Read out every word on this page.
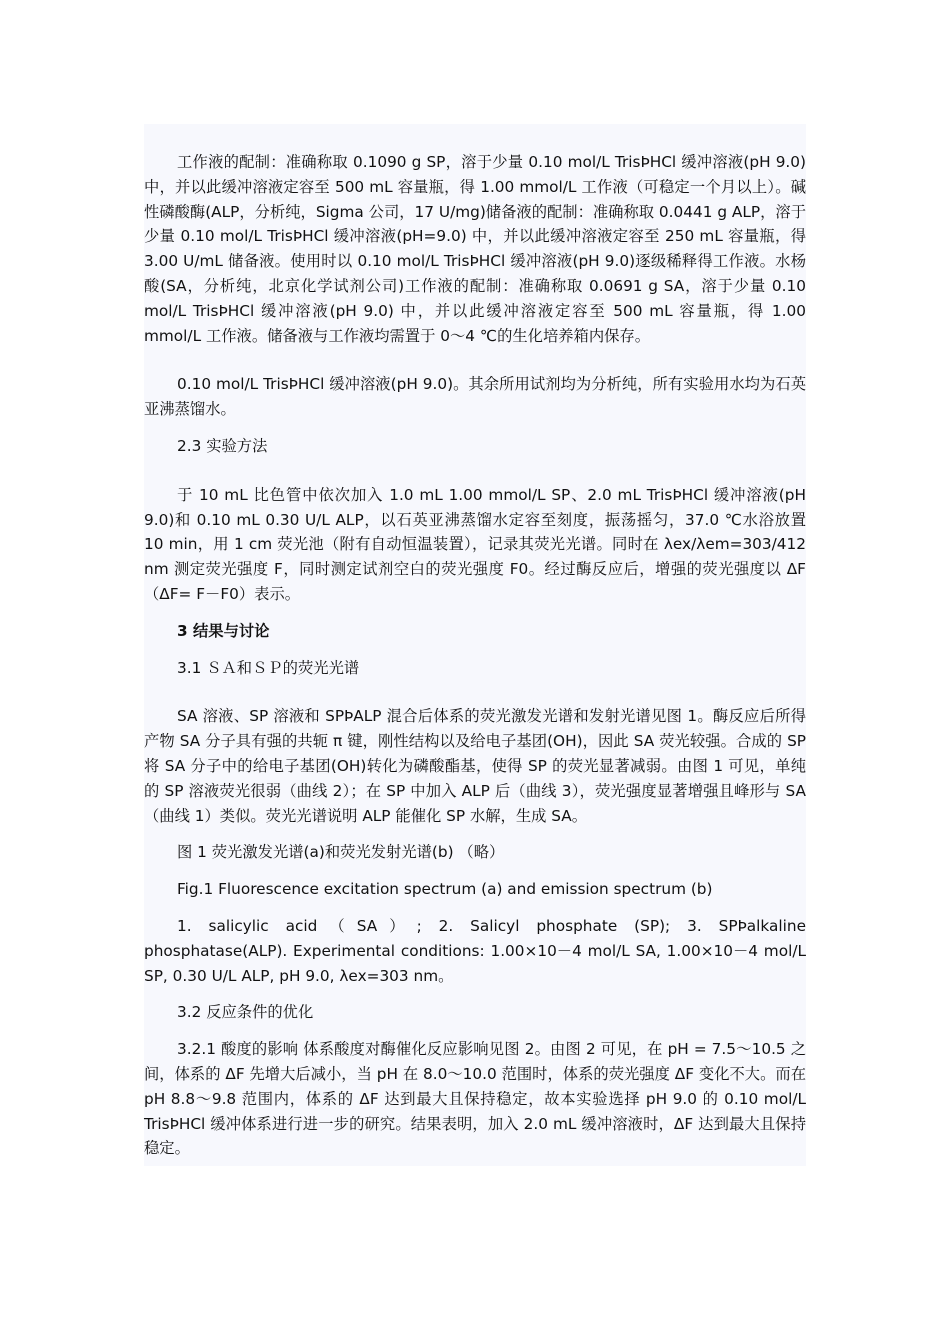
工作液的配制：准确称取 0.1090 g SP，溶于少量 0.10 mol/L TrisÞHCl 缓冲溶液(pH 9.0)中，并以此缓冲溶液定容至 500 mL 容量瓶，得 1.00 mmol/L 工作液（可稳定一个月以上）。碱性磷酸酶(ALP，分析纯，Sigma 公司，17 U/mg)储备液的配制：准确称取 0.0441 g ALP，溶于少量 0.10 mol/L TrisÞHCl 缓冲溶液(pH=9.0) 中，并以此缓冲溶液定容至 250 mL 容量瓶，得 3.00 U/mL 储备液。使用时以 0.10 mol/L TrisÞHCl 缓冲溶液(pH 9.0)逐级稀释得工作液。水杨酸(SA，分析纯，北京化学试剂公司)工作液的配制：准确称取 0.0691 g SA，溶于少量 0.10 mol/L TrisÞHCl 缓冲溶液(pH 9.0) 中，并以此缓冲溶液定容至 500 mL 容量瓶，得 1.00 mmol/L 工作液。储备液与工作液均需置于 0～4 ℃的生化培养箱内保存。

0.10 mol/L TrisÞHCl 缓冲溶液(pH 9.0)。其余所用试剂均为分析纯，所有实验用水均为石英亚沸蒸馏水。

2.3 实验方法

于 10 mL 比色管中依次加入 1.0 mL 1.00 mmol/L SP、2.0 mL TrisÞHCl 缓冲溶液(pH 9.0)和 0.10 mL 0.30 U/L ALP，以石英亚沸蒸馏水定容至刻度，振荡摇匀，37.0 ℃水浴放置 10 min，用 1 cm 荧光池（附有自动恒温装置），记录其荧光光谱。同时在 λex/λem=303/412 nm 测定荧光强度 F，同时测定试剂空白的荧光强度 F0。经过酶反应后，增强的荧光强度以 ΔF（ΔF= F－F0）表示。

3 结果与讨论

3.1 ＳＡ和ＳＰ的荧光光谱

SA 溶液、SP 溶液和 SPÞALP 混合后体系的荧光激发光谱和发射光谱见图 1。酶反应后所得产物 SA 分子具有强的共轭 π 键，刚性结构以及给电子基团(OH)，因此 SA 荧光较强。合成的 SP 将 SA 分子中的给电子基团(OH)转化为磷酸酯基，使得 SP 的荧光显著减弱。由图 1 可见，单纯的 SP 溶液荧光很弱（曲线 2）；在 SP 中加入 ALP 后（曲线 3），荧光强度显著增强且峰形与 SA（曲线 1）类似。荧光光谱说明 ALP 能催化 SP 水解，生成 SA。

图 1 荧光激发光谱(a)和荧光发射光谱(b) （略）

Fig.1 Fluorescence excitation spectrum (a) and emission spectrum (b)

1. salicylic acid（SA）; 2. Salicyl phosphate (SP); 3. SPÞalkaline phosphatase(ALP). Experimental conditions: 1.00×10－4 mol/L SA, 1.00×10－4 mol/L SP, 0.30 U/L ALP, pH 9.0, λex=303 nm。

3.2 反应条件的优化

3.2.1 酸度的影响 体系酸度对酶催化反应影响见图 2。由图 2 可见，在 pH = 7.5～10.5 之间，体系的 ΔF 先增大后减小，当 pH 在 8.0～10.0 范围时，体系的荧光强度 ΔF 变化不大。而在 pH 8.8～9.8 范围内，体系的 ΔF 达到最大且保持稳定，故本实验选择 pH 9.0 的 0.10 mol/L TrisÞHCl 缓冲体系进行进一步的研究。结果表明，加入 2.0 mL 缓冲溶液时，ΔF 达到最大且保持稳定。
